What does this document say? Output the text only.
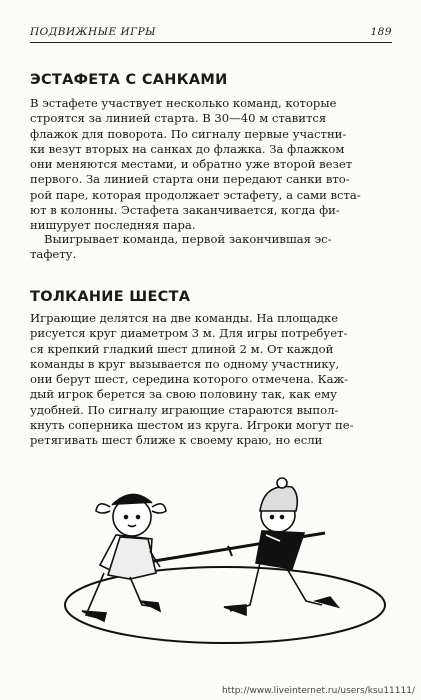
ПОДВИЖНЫЕ ИГРЫ	189
ЭСТАФЕТА С САНКАМИ

В эстафете участвует несколько команд, которые
строятся за линией старта. В 30—40 м ставится
флажок для поворота. По сигналу первые участни-
ки везут вторых на санках до флажка. За флажком
они меняются местами, и обратно уже второй везет
первого. За линией старта они передают санки вто-
рой паре, которая продолжает эстафету, а сами вста-
ют в колонны. Эстафета заканчивается, когда фи-
нишурует последняя пара.

Выигрывает команда, первой закончившая эс-
тафету.

ТОЛКАНИЕ ШЕСТА

Играющие делятся на две команды. На площадке
рисуется круг диаметром 3 м. Для игры потребует-
ся крепкий гладкий шест длиной 2 м. От каждой
команды в круг вызывается по одному участнику,
они берут шест, середина которого отмечена. Каж-
дый игрок берется за свою половину так, как ему
удобней. По сигналу играющие стараются выпол-
кнуть соперника шестом из круга. Игроки могут пе-
ретягивать шест ближе к своему краю, но если

http://www.liveinternet.ru/users/ksu11111/
